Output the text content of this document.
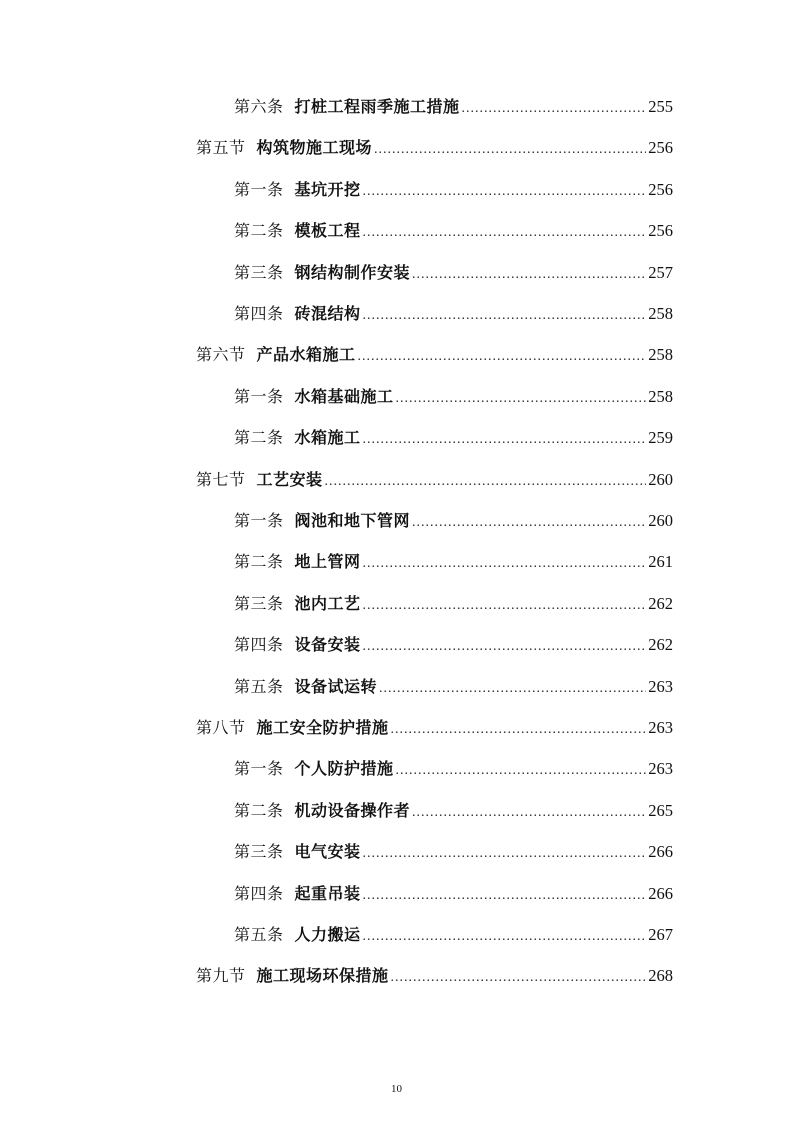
第六条 打桩工程雨季施工措施 .....	255
第五节 构筑物施工现场 .....	256
第一条 基坑开挖 .....	256
第二条 模板工程 .....	256
第三条 钢结构制作安装 .....	257
第四条 砖混结构 .....	258
第六节 产品水箱施工 .....	258
第一条 水箱基础施工 .....	258
第二条 水箱施工 .....	259
第七节 工艺安装 .....	260
第一条 阀池和地下管网 .....	260
第二条 地上管网 .....	261
第三条 池内工艺 .....	262
第四条 设备安装 .....	262
第五条 设备试运转 .....	263
第八节 施工安全防护措施 .....	263
第一条 个人防护措施 .....	263
第二条 机动设备操作者 .....	265
第三条 电气安装 .....	266
第四条 起重吊装 .....	266
第五条 人力搬运 .....	267
第九节 施工现场环保措施 .....	268
10
